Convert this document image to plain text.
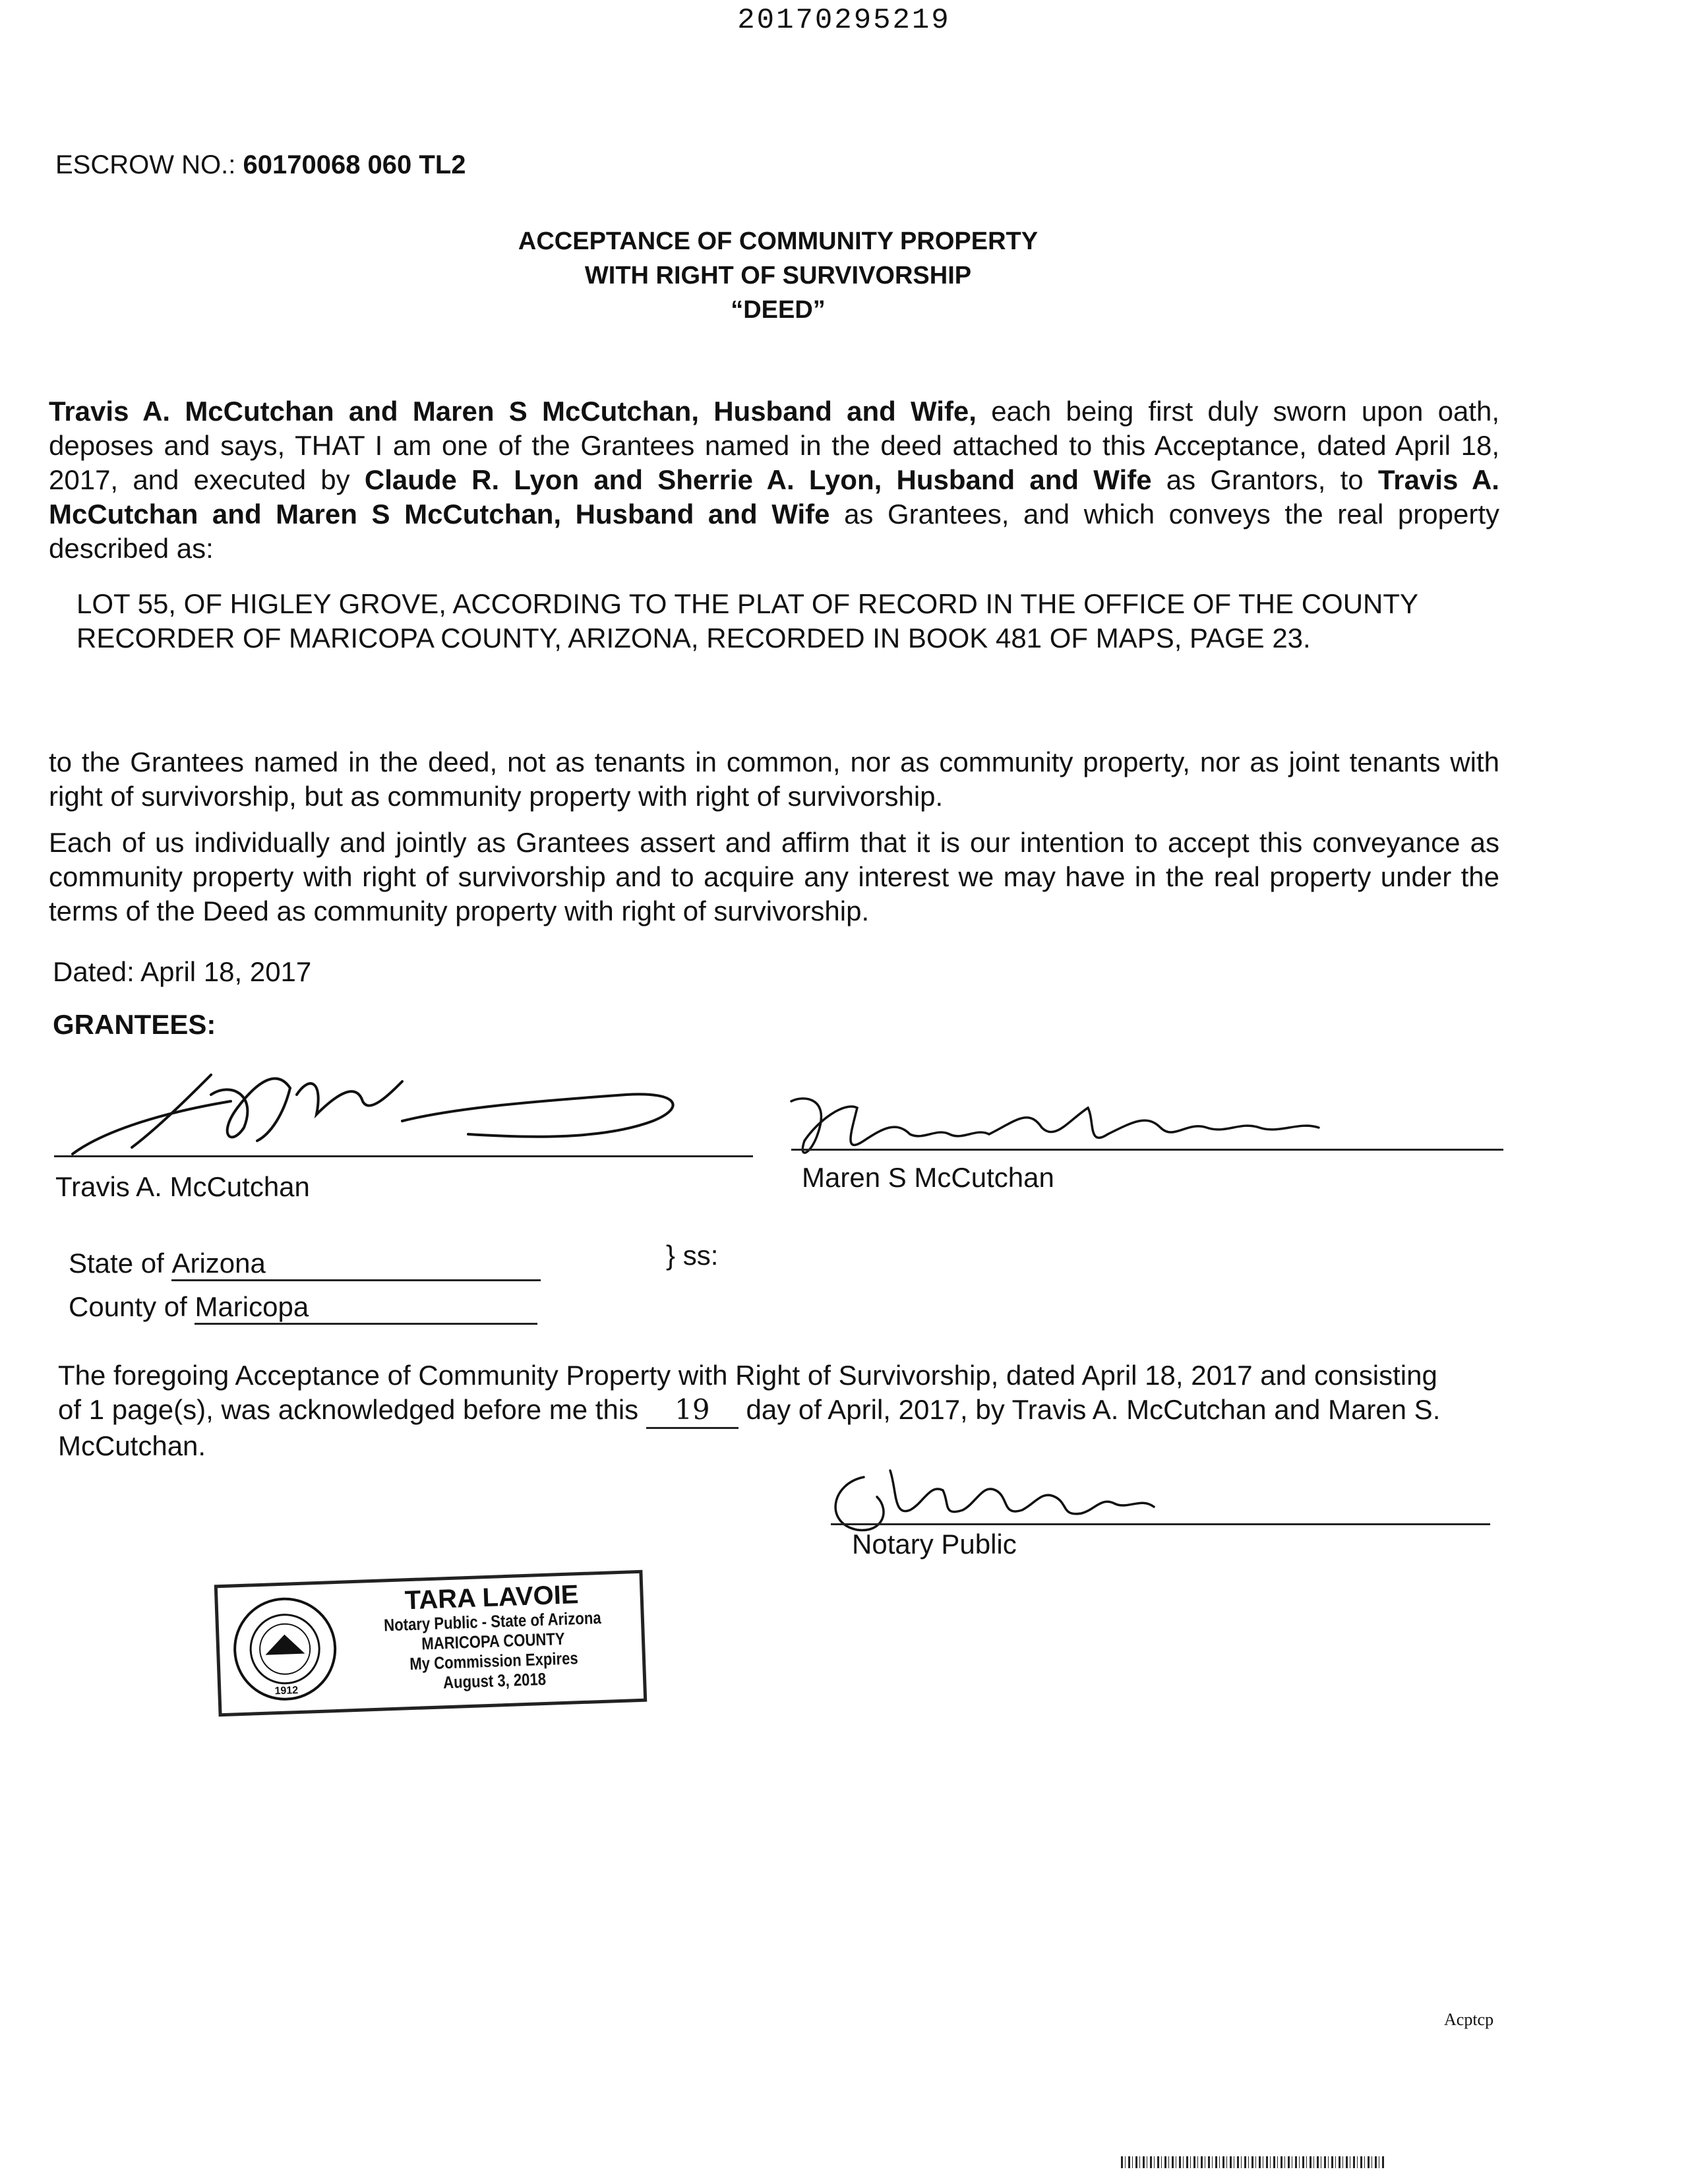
20170295219
ESCROW NO.: 60170068 060 TL2
ACCEPTANCE OF COMMUNITY PROPERTY
WITH RIGHT OF SURVIVORSHIP
“DEED”
Travis A. McCutchan and Maren S McCutchan, Husband and Wife, each being first duly sworn upon oath, deposes and says, THAT I am one of the Grantees named in the deed attached to this Acceptance, dated April 18, 2017, and executed by Claude R. Lyon and Sherrie A. Lyon, Husband and Wife as Grantors, to Travis A. McCutchan and Maren S McCutchan, Husband and Wife as Grantees, and which conveys the real property described as:
LOT 55, OF HIGLEY GROVE, ACCORDING TO THE PLAT OF RECORD IN THE OFFICE OF THE COUNTY RECORDER OF MARICOPA COUNTY, ARIZONA, RECORDED IN BOOK 481 OF MAPS, PAGE 23.
to the Grantees named in the deed, not as tenants in common, nor as community property, nor as joint tenants with right of survivorship, but as community property with right of survivorship.
Each of us individually and jointly as Grantees assert and affirm that it is our intention to accept this conveyance as community property with right of survivorship and to acquire any interest we may have in the real property under the terms of the Deed as community property with right of survivorship.
Dated: April 18, 2017
GRANTEES:
Travis A. McCutchan	Maren S McCutchan
State of Arizona
County of Maricopa
} ss:
The foregoing Acceptance of Community Property with Right of Survivorship, dated April 18, 2017 and consisting of 1 page(s), was acknowledged before me this 19 day of April, 2017, by Travis A. McCutchan and Maren S. McCutchan.
Notary Public
1912
TARA LAVOIE
Notary Public - State of Arizona
MARICOPA COUNTY
My Commission Expires
August 3, 2018
Acptcp
